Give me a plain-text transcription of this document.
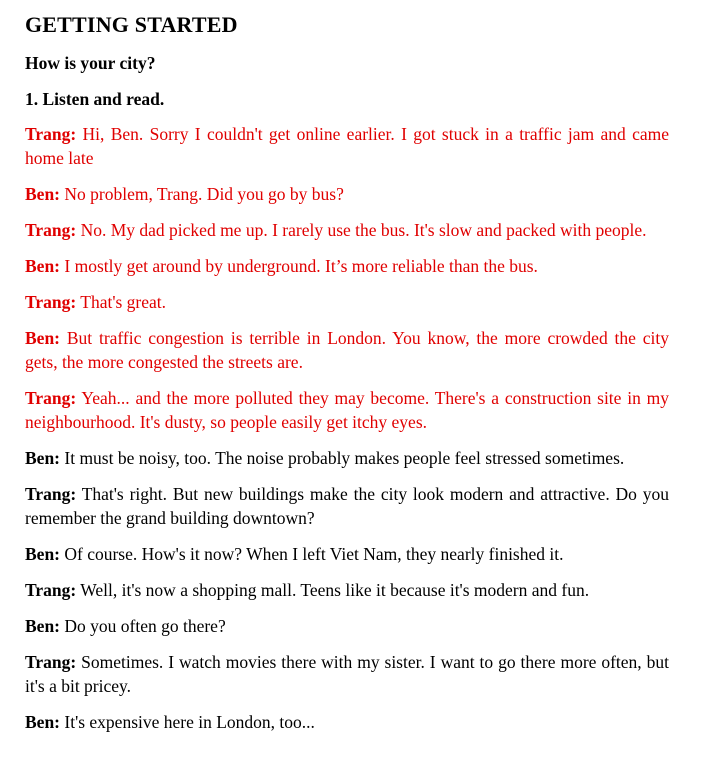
GETTING STARTED

How is your city?

1. Listen and read.

Trang: Hi, Ben. Sorry I couldn't get online earlier. I got stuck in a traffic jam and came home late

Ben: No problem, Trang. Did you go by bus?

Trang: No. My dad picked me up. I rarely use the bus. It's slow and packed with people.

Ben: I mostly get around by underground. It’s more reliable than the bus.

Trang: That's great.

Ben: But traffic congestion is terrible in London. You know, the more crowded the city gets, the more congested the streets are.

Trang: Yeah... and the more polluted they may become. There's a construction site in my neighbourhood. It's dusty, so people easily get itchy eyes.

Ben: It must be noisy, too. The noise probably makes people feel stressed sometimes.

Trang: That's right. But new buildings make the city look modern and attractive. Do you remember the grand building downtown?

Ben: Of course. How's it now? When I left Viet Nam, they nearly finished it.

Trang: Well, it's now a shopping mall. Teens like it because it's modern and fun.

Ben: Do you often go there?

Trang: Sometimes. I watch movies there with my sister. I want to go there more often, but it's a bit pricey.

Ben: It's expensive here in London, too...
